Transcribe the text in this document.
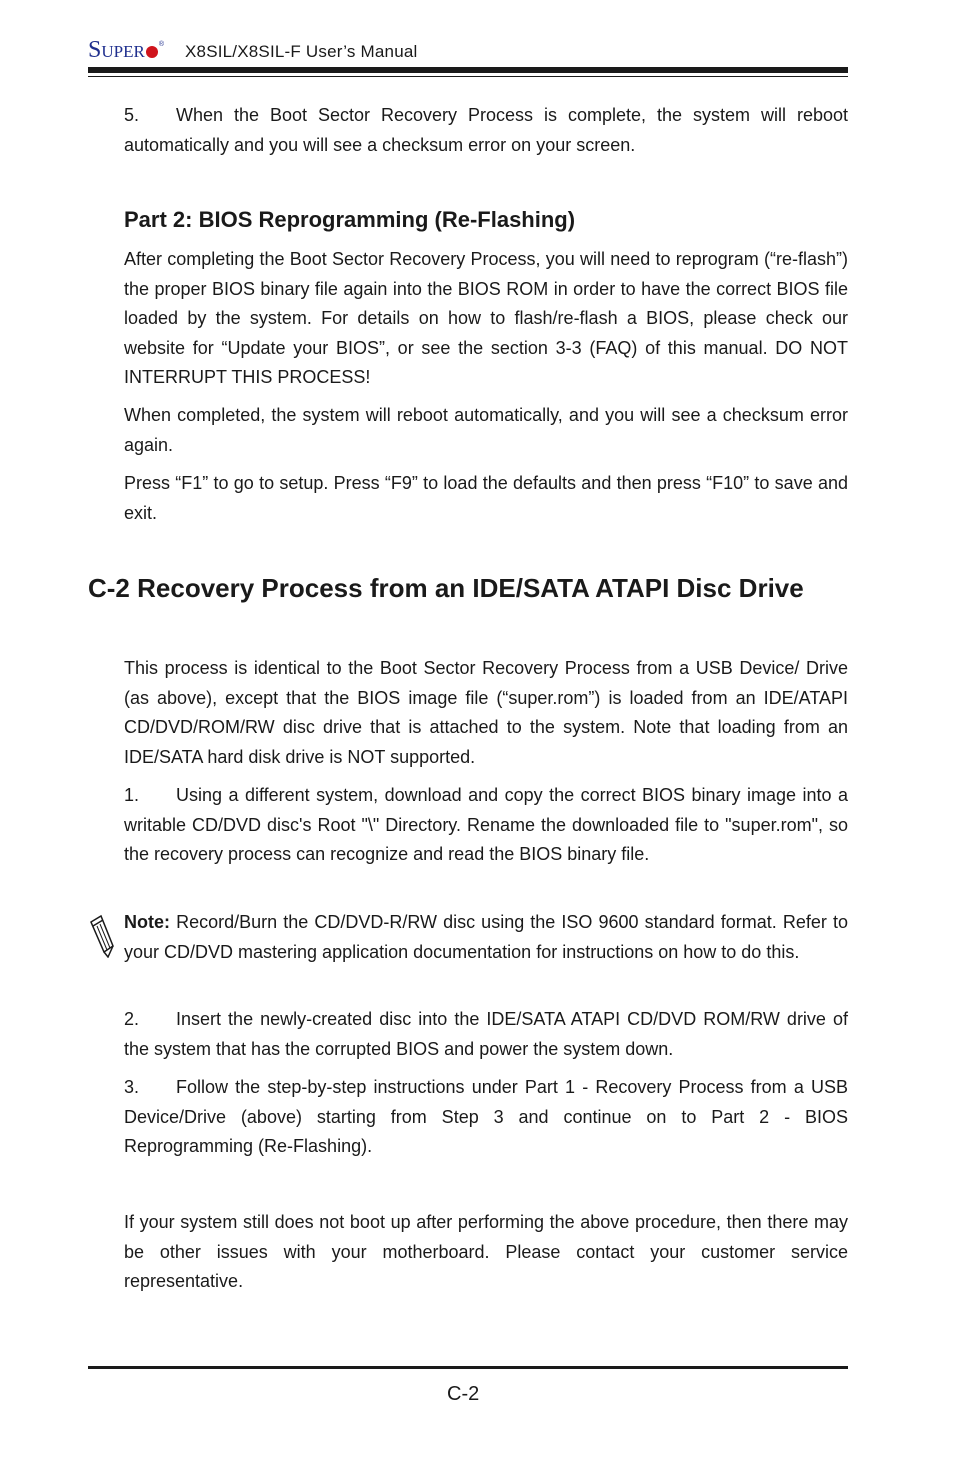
SUPER ® X8SIL/X8SIL-F User’s Manual

5. When the Boot Sector Recovery Process is complete, the system will reboot automatically and you will see a checksum error on your screen.

Part 2: BIOS Reprogramming (Re-Flashing)

After completing the Boot Sector Recovery Process, you will need to reprogram (“re-flash”) the proper BIOS binary file again into the BIOS ROM in order to have the correct BIOS file loaded by the system. For details on how to flash/re-flash a BIOS, please check our website for “Update your BIOS”, or see the section 3-3 (FAQ) of this manual. DO NOT INTERRUPT THIS PROCESS!

When completed, the system will reboot automatically, and you will see a checksum error again.

Press “F1” to go to setup. Press “F9” to load the defaults and then press “F10” to save and exit.

C-2 Recovery Process from an IDE/SATA ATAPI Disc Drive

This process is identical to the Boot Sector Recovery Process from a USB Device/ Drive (as above), except that the BIOS image file (“super.rom”) is loaded from an IDE/ATAPI CD/DVD/ROM/RW disc drive that is attached to the system. Note that loading from an IDE/SATA hard disk drive is NOT supported.

1. Using a different system, download and copy the correct BIOS binary image into a writable CD/DVD disc's Root "\" Directory. Rename the downloaded file to "super.rom", so the recovery process can recognize and read the BIOS binary file.

Note: Record/Burn the CD/DVD-R/RW disc using the ISO 9600 standard format. Refer to your CD/DVD mastering application documentation for instructions on how to do this.

2. Insert the newly-created disc into the IDE/SATA ATAPI CD/DVD ROM/RW drive of the system that has the corrupted BIOS and power the system down.

3. Follow the step-by-step instructions under Part 1 - Recovery Process from a USB Device/Drive (above) starting from Step 3 and continue on to Part 2 - BIOS Reprogramming (Re-Flashing).

If your system still does not boot up after performing the above procedure, then there may be other issues with your motherboard. Please contact your customer service representative.

C-2
